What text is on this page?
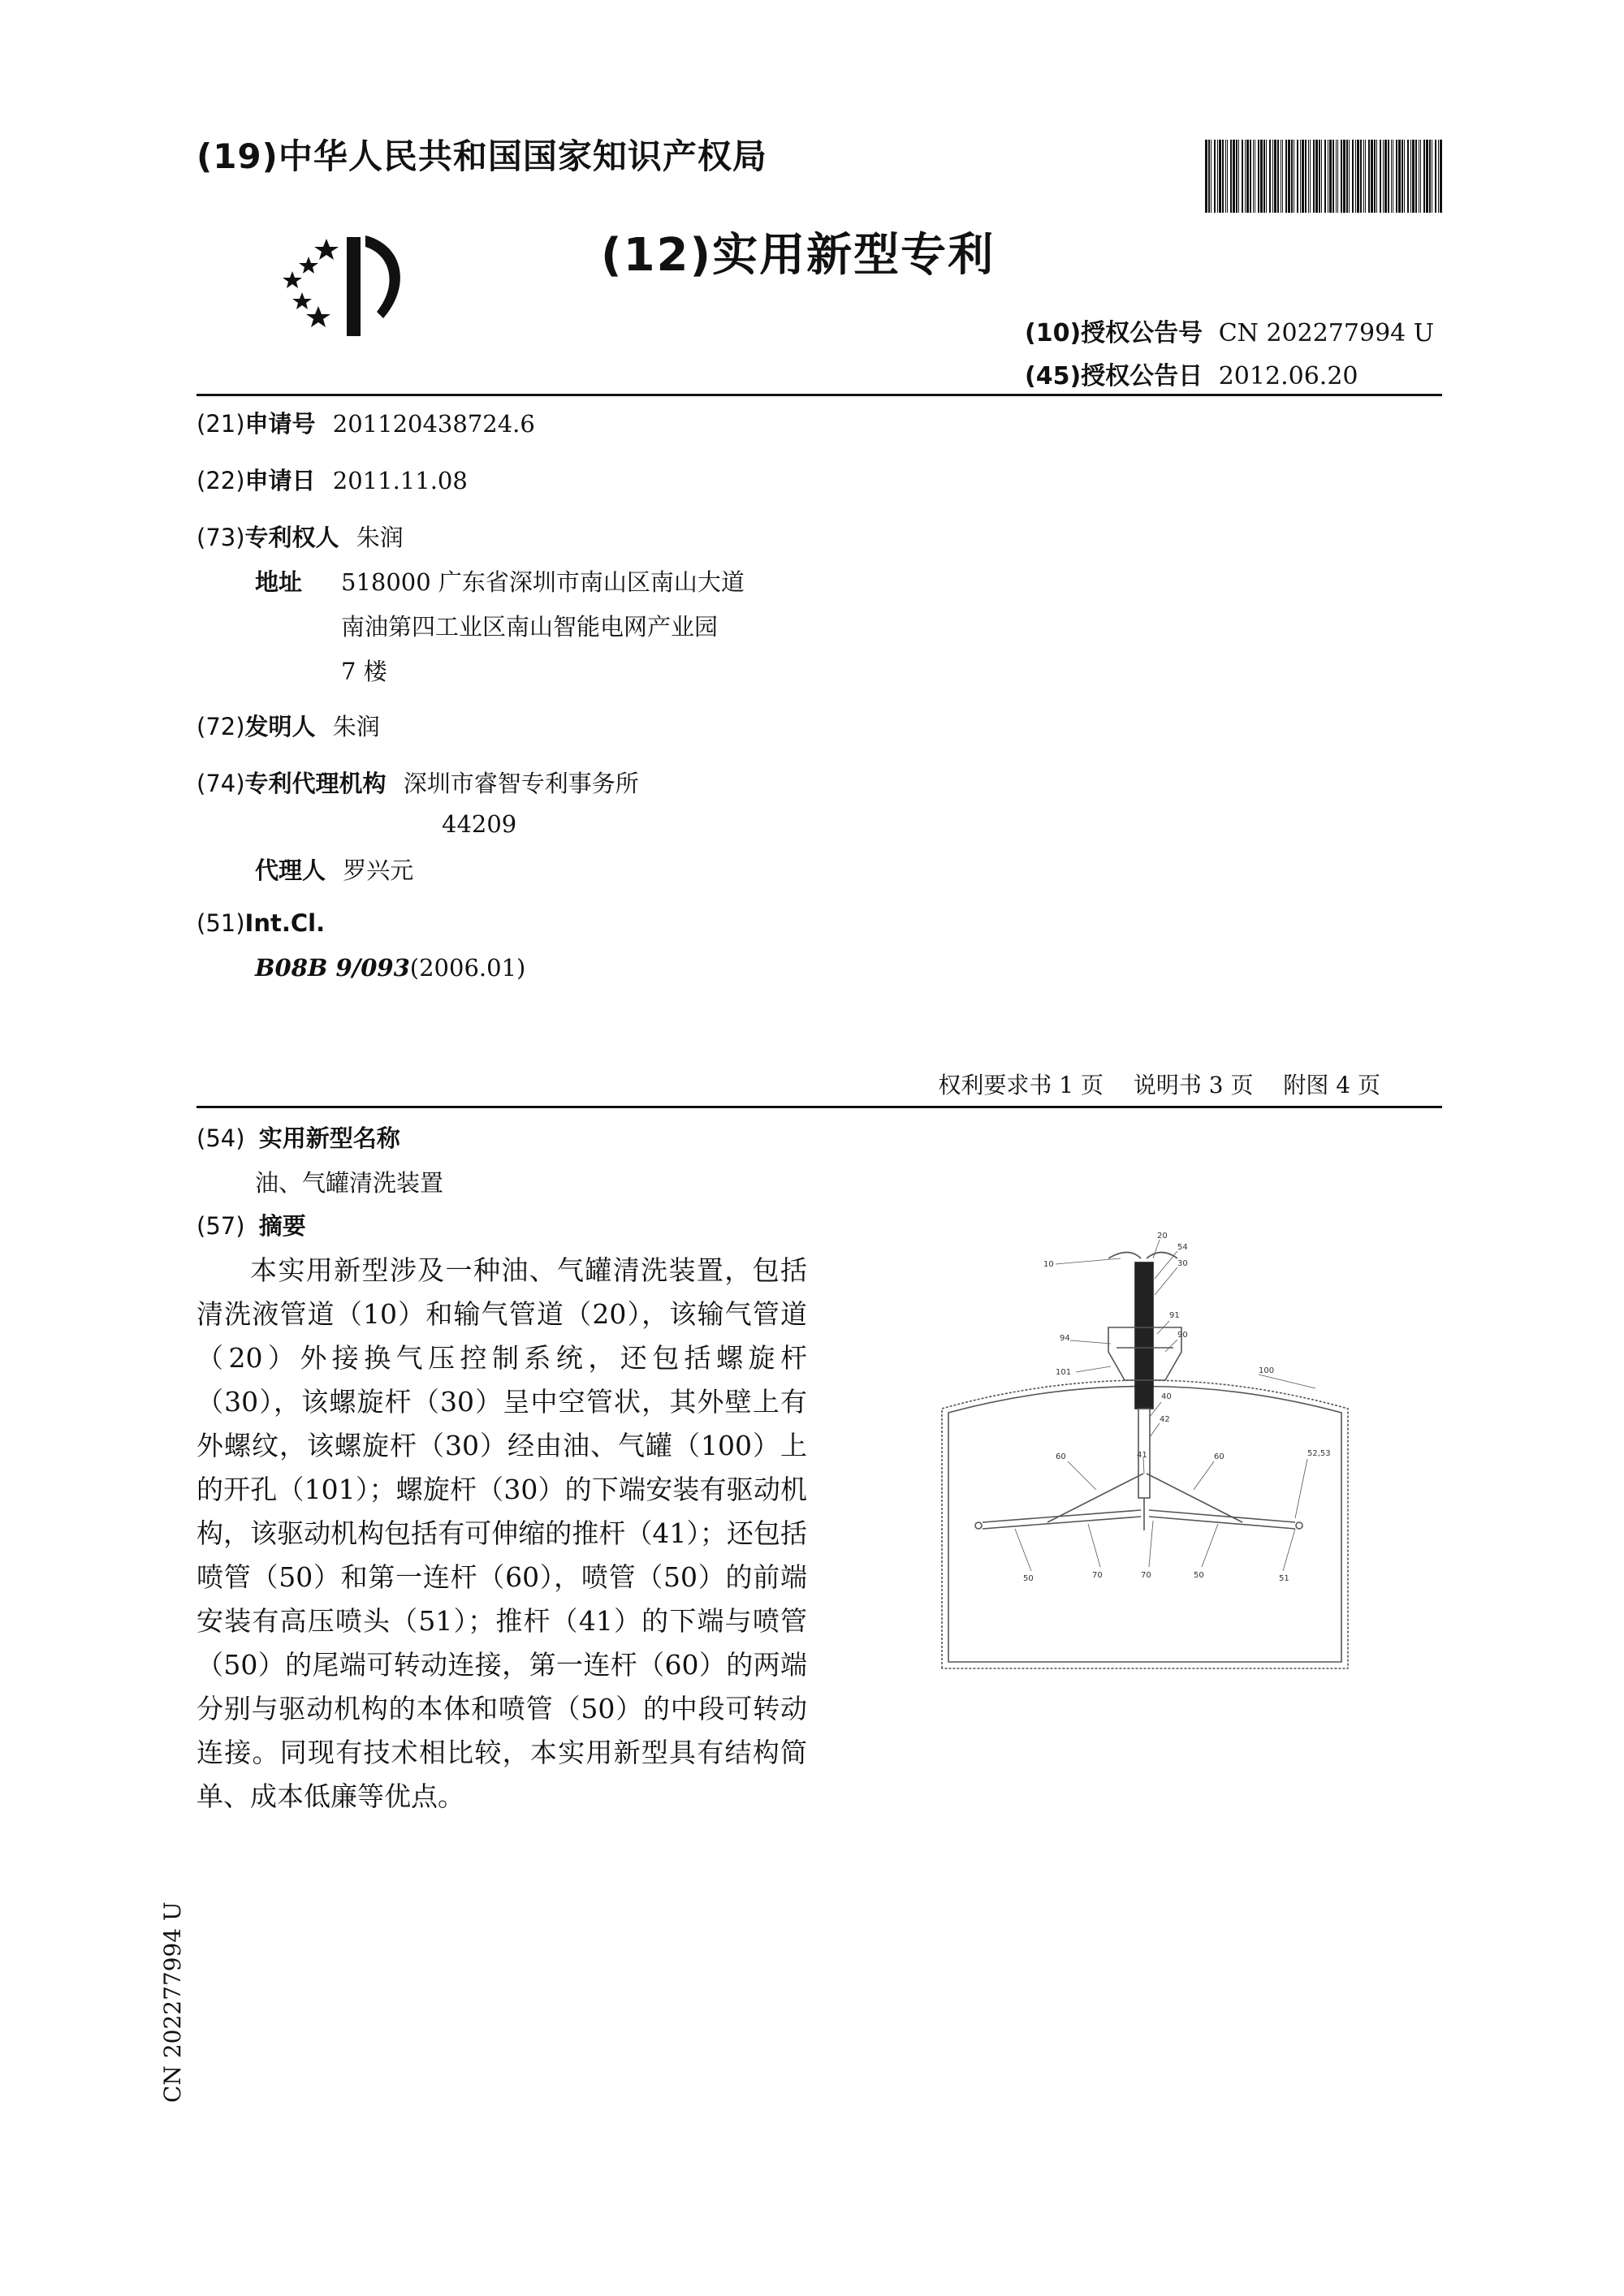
(19)中华人民共和国国家知识产权局
(12)实用新型专利
(10)授权公告号 CN 202277994 U
(45)授权公告日 2012.06.20
(21)申请号 201120438724.6
(22)申请日 2011.11.08
(73)专利权人 朱润
地址 518000 广东省深圳市南山区南山大道
南油第四工业区南山智能电网产业园
7 楼
(72)发明人 朱润
(74)专利代理机构 深圳市睿智专利事务所
44209
代理人 罗兴元
(51)Int.Cl.
B08B 9/093(2006.01)
权利要求书 1 页 说明书 3 页 附图 4 页
(54) 实用新型名称
油、气罐清洗装置
(57) 摘要

本实用新型涉及一种油、气罐清洗装置，包括清洗液管道（10）和输气管道（20），该输气管道（20）外接换气压控制系统，还包括螺旋杆（30），该螺旋杆（30）呈中空管状，其外壁上有外螺纹，该螺旋杆（30）经由油、气罐（100）上的开孔（101）；螺旋杆（30）的下端安装有驱动机构，该驱动机构包括有可伸缩的推杆（41）；还包括喷管（50）和第一连杆（60），喷管（50）的前端安装有高压喷头（51）；推杆（41）的下端与喷管（50）的尾端可转动连接，第一连杆（60）的两端分别与驱动机构的本体和喷管（50）的中段可转动连接。同现有技术相比较，本实用新型具有结构简单、成本低廉等优点。

CN 202277994 U
10
20
54
30
91
90
94
101	100
40
42
41
60	60	52,53
50	70	70	50	51
